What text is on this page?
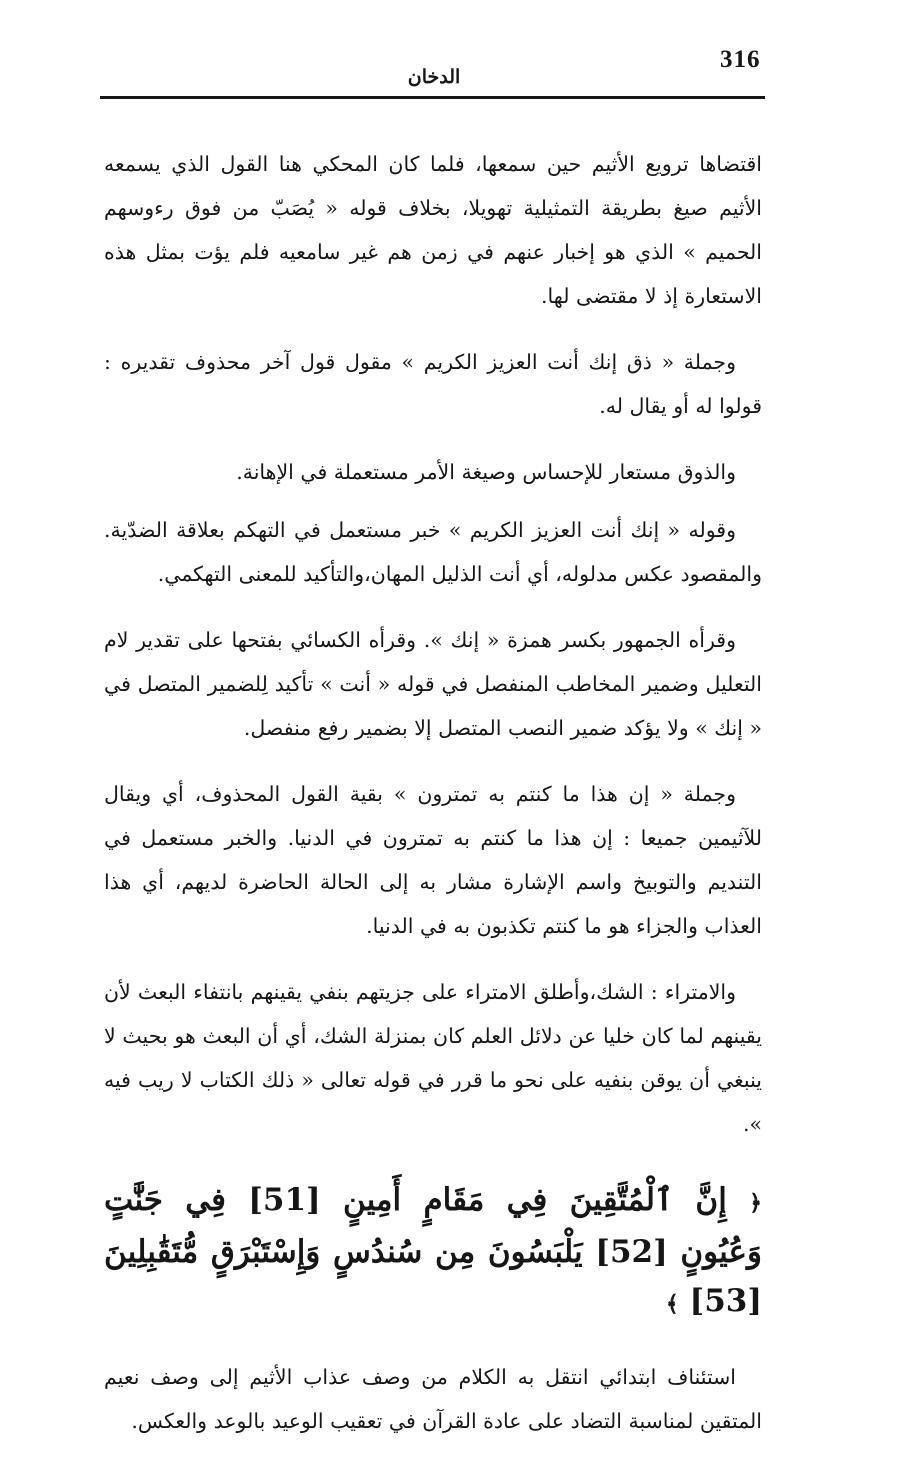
316
الدخان

اقتضاها ترويع الأثيم حين سمعها، فلما كان المحكي هنا القول الذي يسمعه الأثيم صيغ بطريقة التمثيلية تهويلا، بخلاف قوله « يُصَبّ من فوق رءوسهم الحميم » الذي هو إخبار عنهم في زمن هم غير سامعيه فلم يؤت بمثل هذه الاستعارة إذ لا مقتضى لها.

وجملة « ذق إنك أنت العزيز الكريم » مقول قول آخر محذوف تقديره : قولوا له أو يقال له.

والذوق مستعار للإحساس وصيغة الأمر مستعملة في الإهانة.

وقوله « إنك أنت العزيز الكريم » خبر مستعمل في التهكم بعلاقة الضدّية. والمقصود عكس مدلوله، أي أنت الذليل المهان،والتأكيد للمعنى التهكمي.

وقرأه الجمهور بكسر همزة « إنك ». وقرأه الكسائي بفتحها على تقدير لام التعليل وضمير المخاطب المنفصل في قوله « أنت » تأكيد لِلضمير المتصل في « إنك » ولا يؤكد ضمير النصب المتصل إلا بضمير رفع منفصل.

وجملة « إن هذا ما كنتم به تمترون » بقية القول المحذوف، أي ويقال للآثيمين جميعا : إن هذا ما كنتم به تمترون في الدنيا. والخبر مستعمل في التنديم والتوبيخ واسم الإشارة مشار به إلى الحالة الحاضرة لديهم، أي هذا العذاب والجزاء هو ما كنتم تكذبون به في الدنيا.

والامتراء : الشك،وأطلق الامتراء على جزيتهم بنفي يقينهم بانتفاء البعث لأن يقينهم لما كان خليا عن دلائل العلم كان بمنزلة الشك، أي أن البعث هو بحيث لا ينبغي أن يوقن بنفيه على نحو ما قرر في قوله تعالى « ذلك الكتاب لا ريب فيه ».

﴿ إِنَّ ٱلْمُتَّقِينَ فِي مَقَامٍ أَمِينٍ [51] فِي جَنَّٰتٍ وَعُيُونٍ [52] يَلْبَسُونَ مِن سُندُسٍ وَإِسْتَبْرَقٍ مُّتَقَٰبِلِينَ [53] ﴾

استئناف ابتدائي انتقل به الكلام من وصف عذاب الأثيم إلى وصف نعيم المتقين لمناسبة التضاد على عادة القرآن في تعقيب الوعيد بالوعد والعكس.
